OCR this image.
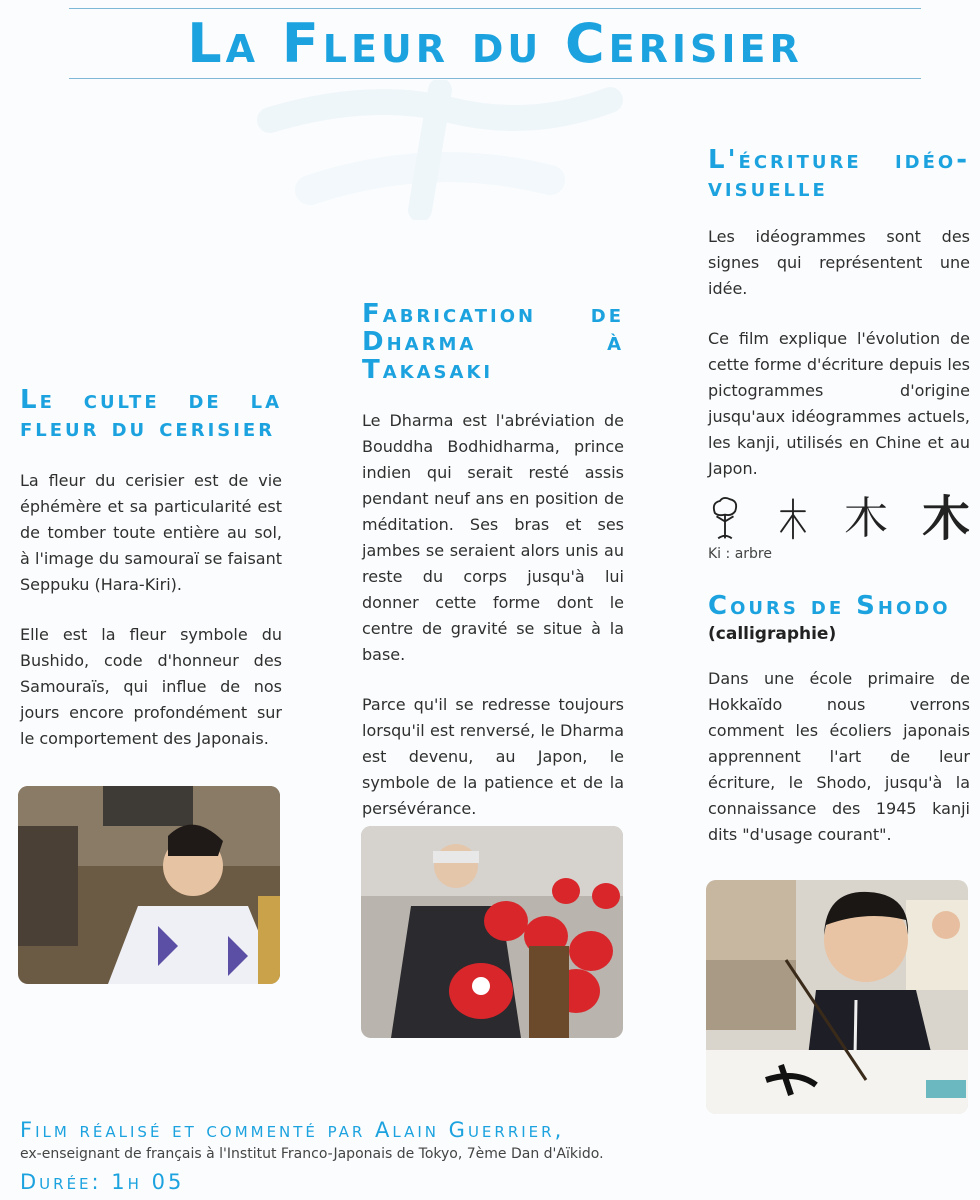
La Fleur du Cerisier
Le culte de la fleur du cerisier

La fleur du cerisier est de vie éphémère et sa particularité est de tomber toute entière au sol, à l'image du samouraï se faisant Seppuku (Hara-Kiri).

Elle est la fleur symbole du Bushido, code d'honneur des Samouraïs, qui influe de nos jours encore profondément sur le comportement des Japonais.

Fabrication de Dharma à Takasaki

Le Dharma est l'abréviation de Bouddha Bodhidharma, prince indien qui serait resté assis pendant neuf ans en position de méditation. Ses bras et ses jambes se seraient alors unis au reste du corps jusqu'à lui donner cette forme dont le centre de gravité se situe à la base.

Parce qu'il se redresse toujours lorsqu'il est renversé, le Dharma est devenu, au Japon, le symbole de la patience et de la persévérance.

L'écriture idéo-visuelle

Les idéogrammes sont des signes qui représentent une idée.

Ce film explique l'évolution de cette forme d'écriture depuis les pictogrammes d'origine jusqu'aux idéogrammes actuels, les kanji, utilisés en Chine et au Japon.

木 木
Ki : arbre
Cours de Shodo

(calligraphie)

Dans une école primaire de Hokkaïdo nous verrons comment les écoliers japonais apprennent l'art de leur écriture, le Shodo, jusqu'à la connaissance des 1945 kanji dits "d'usage courant".

Film réalisé et commenté par Alain Guerrier,

ex-enseignant de français à l'Institut Franco-Japonais de Tokyo, 7ème Dan d'Aïkido.

Durée: 1h 05
